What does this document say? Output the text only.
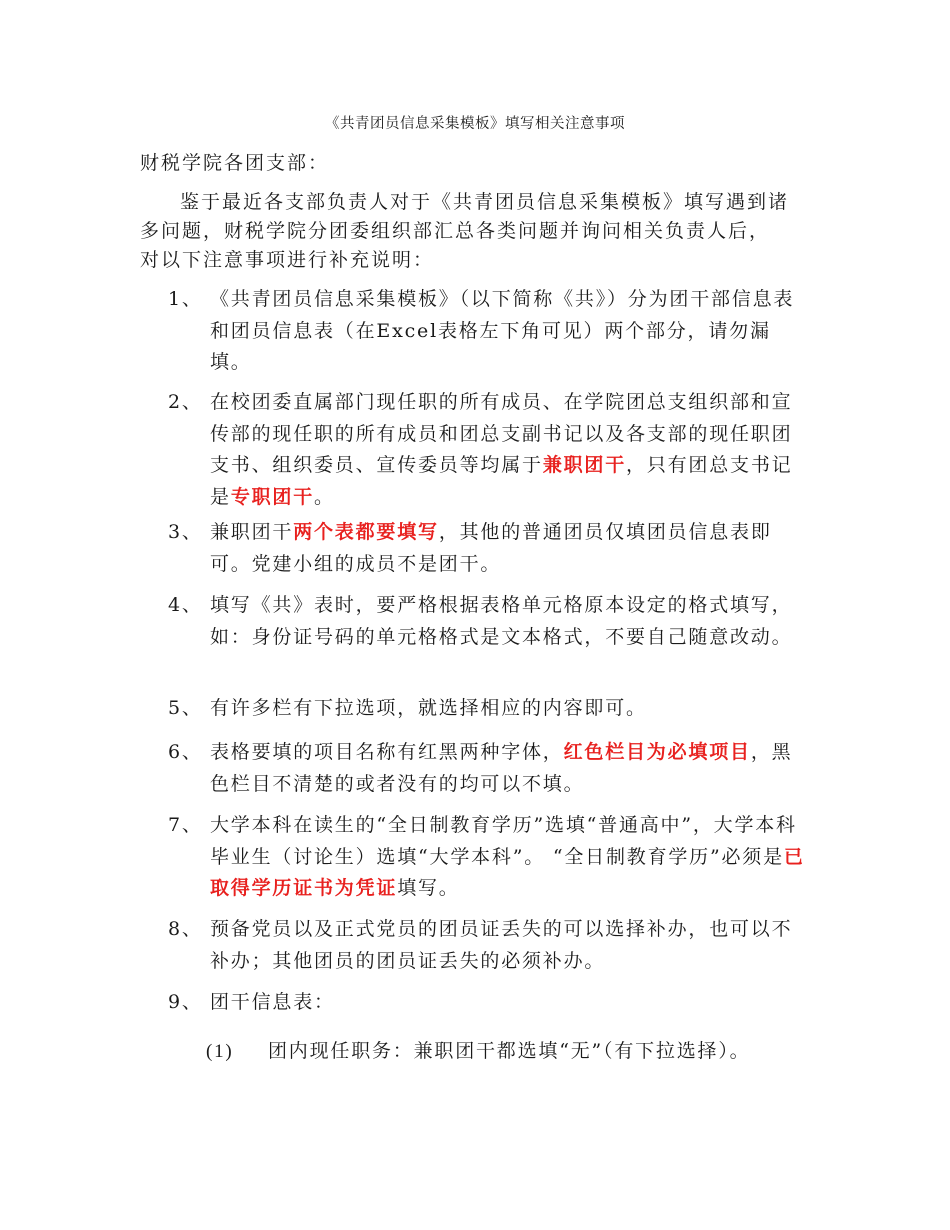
《共青团员信息采集模板》填写相关注意事项
财税学院各团支部：

鉴于最近各支部负责人对于《共青团员信息采集模板》填写遇到诸多问题，财税学院分团委组织部汇总各类问题并询问相关负责人后，对以下注意事项进行补充说明：

1、 《共青团员信息采集模板》（以下简称《共》）分为团干部信息表和团员信息表（在Excel表格左下角可见）两个部分，请勿漏填。
2、 在校团委直属部门现任职的所有成员、在学院团总支组织部和宣传部的现任职的所有成员和团总支副书记以及各支部的现任职团支书、组织委员、宣传委员等均属于兼职团干，只有团总支书记是专职团干。
3、 兼职团干两个表都要填写，其他的普通团员仅填团员信息表即可。党建小组的成员不是团干。
4、 填写《共》表时，要严格根据表格单元格原本设定的格式填写，如：身份证号码的单元格格式是文本格式，不要自己随意改动。
5、 有许多栏有下拉选项，就选择相应的内容即可。
6、 表格要填的项目名称有红黑两种字体，红色栏目为必填项目，黑色栏目不清楚的或者没有的均可以不填。
7、 大学本科在读生的“全日制教育学历”选填“普通高中”，大学本科毕业生（讨论生）选填“大学本科”。 “全日制教育学历”必须是已取得学历证书为凭证填写。
8、 预备党员以及正式党员的团员证丢失的可以选择补办，也可以不补办；其他团员的团员证丢失的必须补办。
9、 团干信息表：
(1) 团内现任职务：兼职团干都选填“无”（有下拉选择）。
